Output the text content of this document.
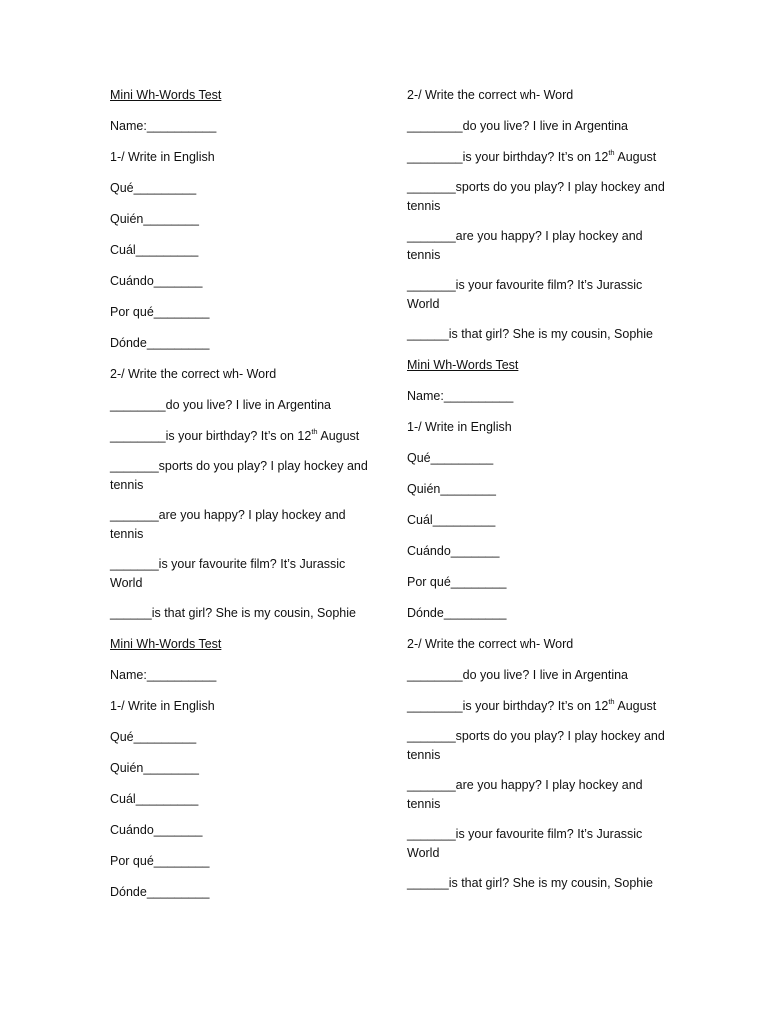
Mini Wh-Words Test
Name:__________
1-/ Write in English
Qué_________
Quién________
Cuál_________
Cuándo_______
Por qué________
Dónde_________
2-/ Write the correct wh- Word
________do you live? I live in Argentina
________is your birthday? It’s on 12th August
_______sports do you play? I play hockey and tennis
_______are you happy? I play hockey and tennis
_______is your favourite film? It’s Jurassic World
______is that girl? She is my cousin, Sophie
Mini Wh-Words Test
Name:__________
1-/ Write in English
Qué_________
Quién________
Cuál_________
Cuándo_______
Por qué________
Dónde_________
2-/ Write the correct wh- Word
________do you live? I live in Argentina
________is your birthday? It’s on 12th August
_______sports do you play? I play hockey and tennis
_______are you happy? I play hockey and tennis
_______is your favourite film? It’s Jurassic World
______is that girl? She is my cousin, Sophie
Mini Wh-Words Test
Name:__________
1-/ Write in English
Qué_________
Quién________
Cuál_________
Cuándo_______
Por qué________
Dónde_________
2-/ Write the correct wh- Word
________do you live? I live in Argentina
________is your birthday? It’s on 12th August
_______sports do you play? I play hockey and tennis
_______are you happy? I play hockey and tennis
_______is your favourite film? It’s Jurassic World
______is that girl? She is my cousin, Sophie
